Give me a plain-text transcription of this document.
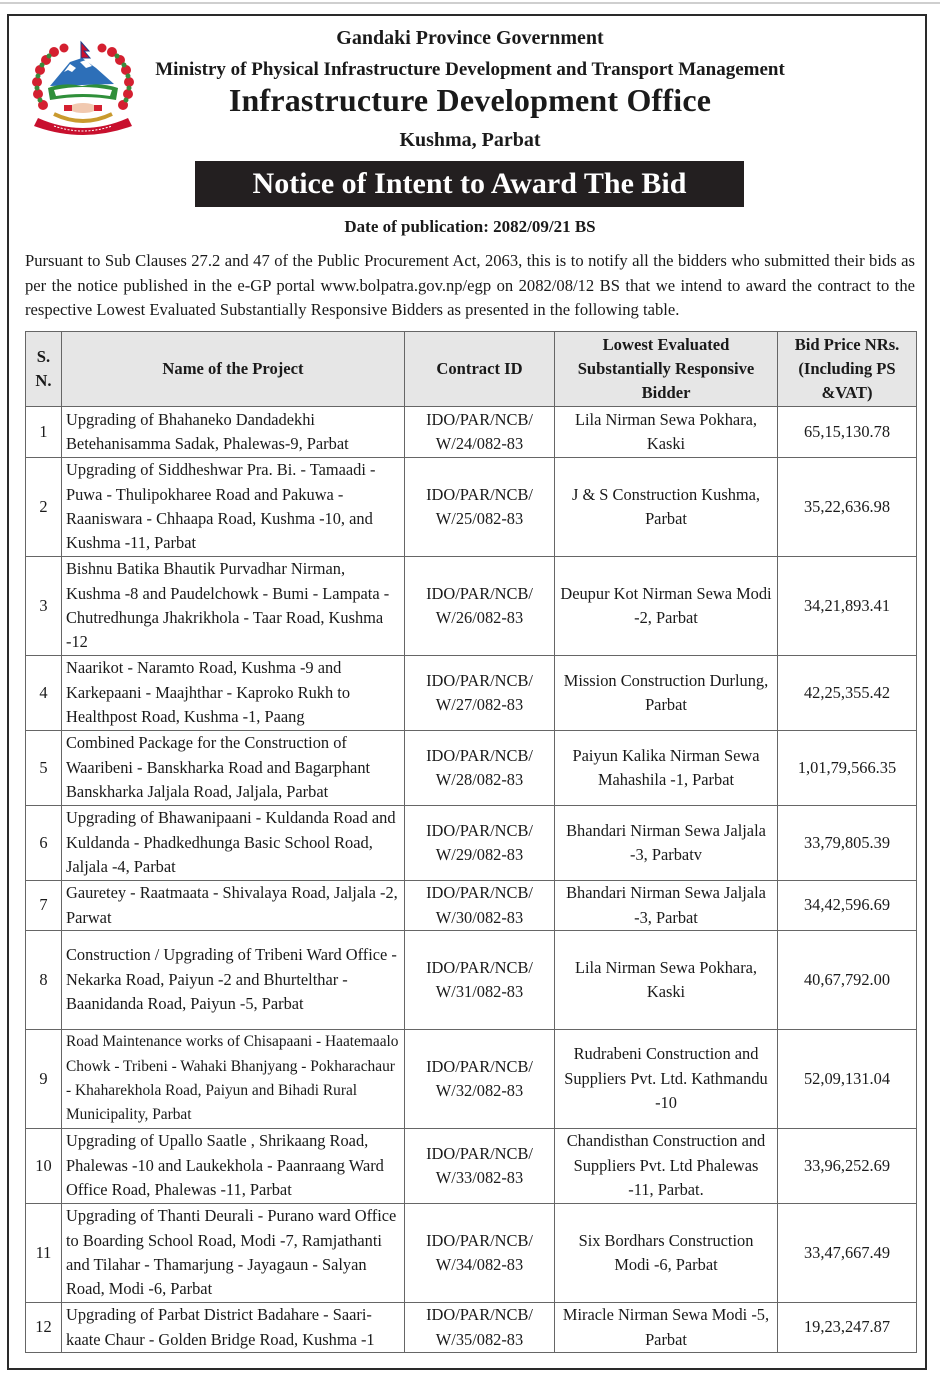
Gandaki Province Government
Ministry of Physical Infrastructure Development and Transport Management
Infrastructure Development Office
Kushma, Parbat
Notice of Intent to Award The Bid
Date of publication: 2082/09/21 BS

Pursuant to Sub Clauses 27.2 and 47 of the Public Procurement Act, 2063, this is to notify all the bidders who submitted their bids as per the notice published in the e-GP portal www.bolpatra.gov.np/egp on 2082/08/12 BS that we intend to award the contract to the respective Lowest Evaluated Substantially Responsive Bidders as presented in the following table.

S. N.	Name of the Project	Contract ID	Lowest Evaluated Substantially Responsive Bidder	Bid Price NRs. (Including PS &VAT)
1	Upgrading of Bhahaneko Dandadekhi Betehanisamma Sadak, Phalewas-9, Parbat	IDO/PAR/NCB/ W/24/082-83	Lila Nirman Sewa Pokhara, Kaski	65,15,130.78
2	Upgrading of Siddheshwar Pra. Bi. - Tamaadi - Puwa - Thulipokharee Road and Pakuwa - Raaniswara - Chhaapa Road, Kushma -10, and Kushma -11, Parbat	IDO/PAR/NCB/ W/25/082-83	J & S Construction Kushma, Parbat	35,22,636.98
3	Bishnu Batika Bhautik Purvadhar Nirman, Kushma -8 and Paudelchowk - Bumi - Lampata - Chutredhunga Jhakrikhola - Taar Road, Kushma -12	IDO/PAR/NCB/ W/26/082-83	Deupur Kot Nirman Sewa Modi -2, Parbat	34,21,893.41
4	Naarikot - Naramto Road, Kushma -9 and Karkepaani - Maajhthar - Kaproko Rukh to Healthpost Road, Kushma -1, Paang	IDO/PAR/NCB/ W/27/082-83	Mission Construction Durlung, Parbat	42,25,355.42
5	Combined Package for the Construction of Waaribeni - Banskharka Road and Bagarphant Banskharka Jaljala Road, Jaljala, Parbat	IDO/PAR/NCB/ W/28/082-83	Paiyun Kalika Nirman Sewa Mahashila -1, Parbat	1,01,79,566.35
6	Upgrading of Bhawanipaani - Kuldanda Road and Kuldanda - Phadkedhunga Basic School Road, Jaljala -4, Parbat	IDO/PAR/NCB/ W/29/082-83	Bhandari Nirman Sewa Jaljala -3, Parbatv	33,79,805.39
7	Gauretey - Raatmaata - Shivalaya Road, Jaljala -2, Parwat	IDO/PAR/NCB/ W/30/082-83	Bhandari Nirman Sewa Jaljala -3, Parbat	34,42,596.69
8	Construction / Upgrading of Tribeni Ward Office - Nekarka Road, Paiyun -2 and Bhurtelthar - Baanidanda Road, Paiyun -5, Parbat	IDO/PAR/NCB/ W/31/082-83	Lila Nirman Sewa Pokhara, Kaski	40,67,792.00
9	Road Maintenance works of Chisapaani - Haatemaalo Chowk - Tribeni - Wahaki Bhanjyang - Pokharachaur - Khaharekhola Road, Paiyun and Bihadi Rural Municipality, Parbat	IDO/PAR/NCB/ W/32/082-83	Rudrabeni Construction and Suppliers Pvt. Ltd. Kathmandu -10	52,09,131.04
10	Upgrading of Upallo Saatle , Shrikaang Road, Phalewas -10 and Laukekhola - Paanraang Ward Office Road, Phalewas -11, Parbat	IDO/PAR/NCB/ W/33/082-83	Chandisthan Construction and Suppliers Pvt. Ltd Phalewas -11, Parbat.	33,96,252.69
11	Upgrading of Thanti Deurali - Purano ward Office to Boarding School Road, Modi -7, Ramjathanti and Tilahar - Thamarjung - Jayagaun - Salyan Road, Modi -6, Parbat	IDO/PAR/NCB/ W/34/082-83	Six Bordhars Construction Modi -6, Parbat	33,47,667.49
12	Upgrading of Parbat District Badahare - Saari-kaate Chaur - Golden Bridge Road, Kushma -1	IDO/PAR/NCB/ W/35/082-83	Miracle Nirman Sewa Modi -5, Parbat	19,23,247.87
